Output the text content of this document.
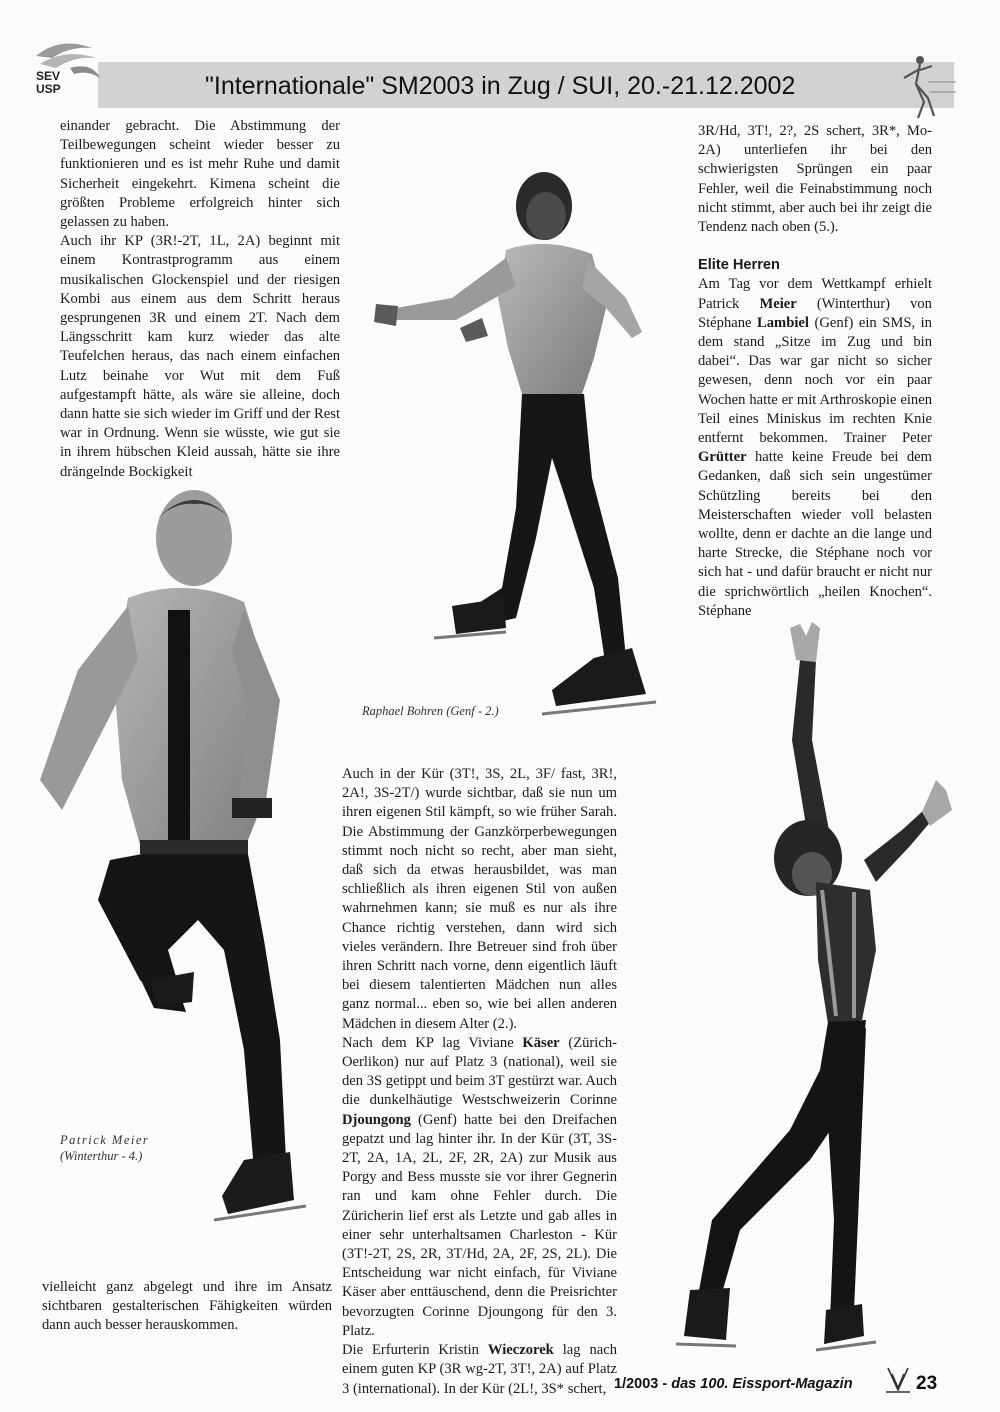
SEV
USP	"Internationale" SM2003 in Zug / SUI, 20.-21.12.2002

einander gebracht. Die Abstimmung der Teilbewegungen scheint wieder besser zu funktionieren und es ist mehr Ruhe und damit Sicherheit eingekehrt. Kimena scheint die größten Probleme erfolgreich hinter sich gelassen zu haben.

Auch ihr KP (3R!-2T, 1L, 2A) beginnt mit einem Kontrastprogramm aus einem musikalischen Glockenspiel und der riesigen Kombi aus einem aus dem Schritt heraus gesprungenen 3R und einem 2T. Nach dem Längsschritt kam kurz wieder das alte Teufelchen heraus, das nach einem einfachen Lutz beinahe vor Wut mit dem Fuß aufgestampft hätte, als wäre sie alleine, doch dann hatte sie sich wieder im Griff und der Rest war in Ordnung. Wenn sie wüsste, wie gut sie in ihrem hübschen Kleid aussah, hätte sie ihre drängelnde Bockigkeit

Raphael Bohren (Genf - 2.)
Patrick Meier
(Winterthur - 4.)

vielleicht ganz abgelegt und ihre im Ansatz sichtbaren gestalterischen Fähigkeiten würden dann auch besser herauskommen.

Auch in der Kür (3T!, 3S, 2L, 3F/ fast, 3R!, 2A!, 3S-2T/) wurde sichtbar, daß sie nun um ihren eigenen Stil kämpft, so wie früher Sarah. Die Abstimmung der Ganzkörperbewegungen stimmt noch nicht so recht, aber man sieht, daß sich da etwas herausbildet, was man schließlich als ihren eigenen Stil von außen wahrnehmen kann; sie muß es nur als ihre Chance richtig verstehen, dann wird sich vieles verändern. Ihre Betreuer sind froh über ihren Schritt nach vorne, denn eigentlich läuft bei diesem talentierten Mädchen nun alles ganz normal... eben so, wie bei allen anderen Mädchen in diesem Alter (2.).

Nach dem KP lag Viviane Käser (Zürich-Oerlikon) nur auf Platz 3 (national), weil sie den 3S getippt und beim 3T gestürzt war. Auch die dunkelhäutige Westschweizerin Corinne Djoungong (Genf) hatte bei den Dreifachen gepatzt und lag hinter ihr. In der Kür (3T, 3S-2T, 2A, 1A, 2L, 2F, 2R, 2A) zur Musik aus Porgy and Bess musste sie vor ihrer Gegnerin ran und kam ohne Fehler durch. Die Züricherin lief erst als Letzte und gab alles in einer sehr unterhaltsamen Charleston - Kür (3T!-2T, 2S, 2R, 3T/Hd, 2A, 2F, 2S, 2L). Die Entscheidung war nicht einfach, für Viviane Käser aber enttäuschend, denn die Preisrichter bevorzugten Corinne Djoungong für den 3. Platz.

Die Erfurterin Kristin Wieczorek lag nach einem guten KP (3R wg-2T, 3T!, 2A) auf Platz 3 (international). In der Kür (2L!, 3S* schert,

3R/Hd, 3T!, 2?, 2S schert, 3R*, Mo-2A) unterliefen ihr bei den schwierigsten Sprüngen ein paar Fehler, weil die Feinabstimmung noch nicht stimmt, aber auch bei ihr zeigt die Tendenz nach oben (5.).

Elite Herren

Am Tag vor dem Wettkampf erhielt Patrick Meier (Winterthur) von Stéphane Lambiel (Genf) ein SMS, in dem stand „Sitze im Zug und bin dabei“. Das war gar nicht so sicher gewesen, denn noch vor ein paar Wochen hatte er mit Arthroskopie einen Teil eines Miniskus im rechten Knie entfernt bekommen. Trainer Peter Grütter hatte keine Freude bei dem Gedanken, daß sich sein ungestümer Schützling bereits bei den Meisterschaften wieder voll belasten wollte, denn er dachte an die lange und harte Strecke, die Stéphane noch vor sich hat - und dafür braucht er nicht nur die sprichwörtlich „heilen Knochen“. Stéphane

1/2003 - das 100. Eissport-Magazin	23
